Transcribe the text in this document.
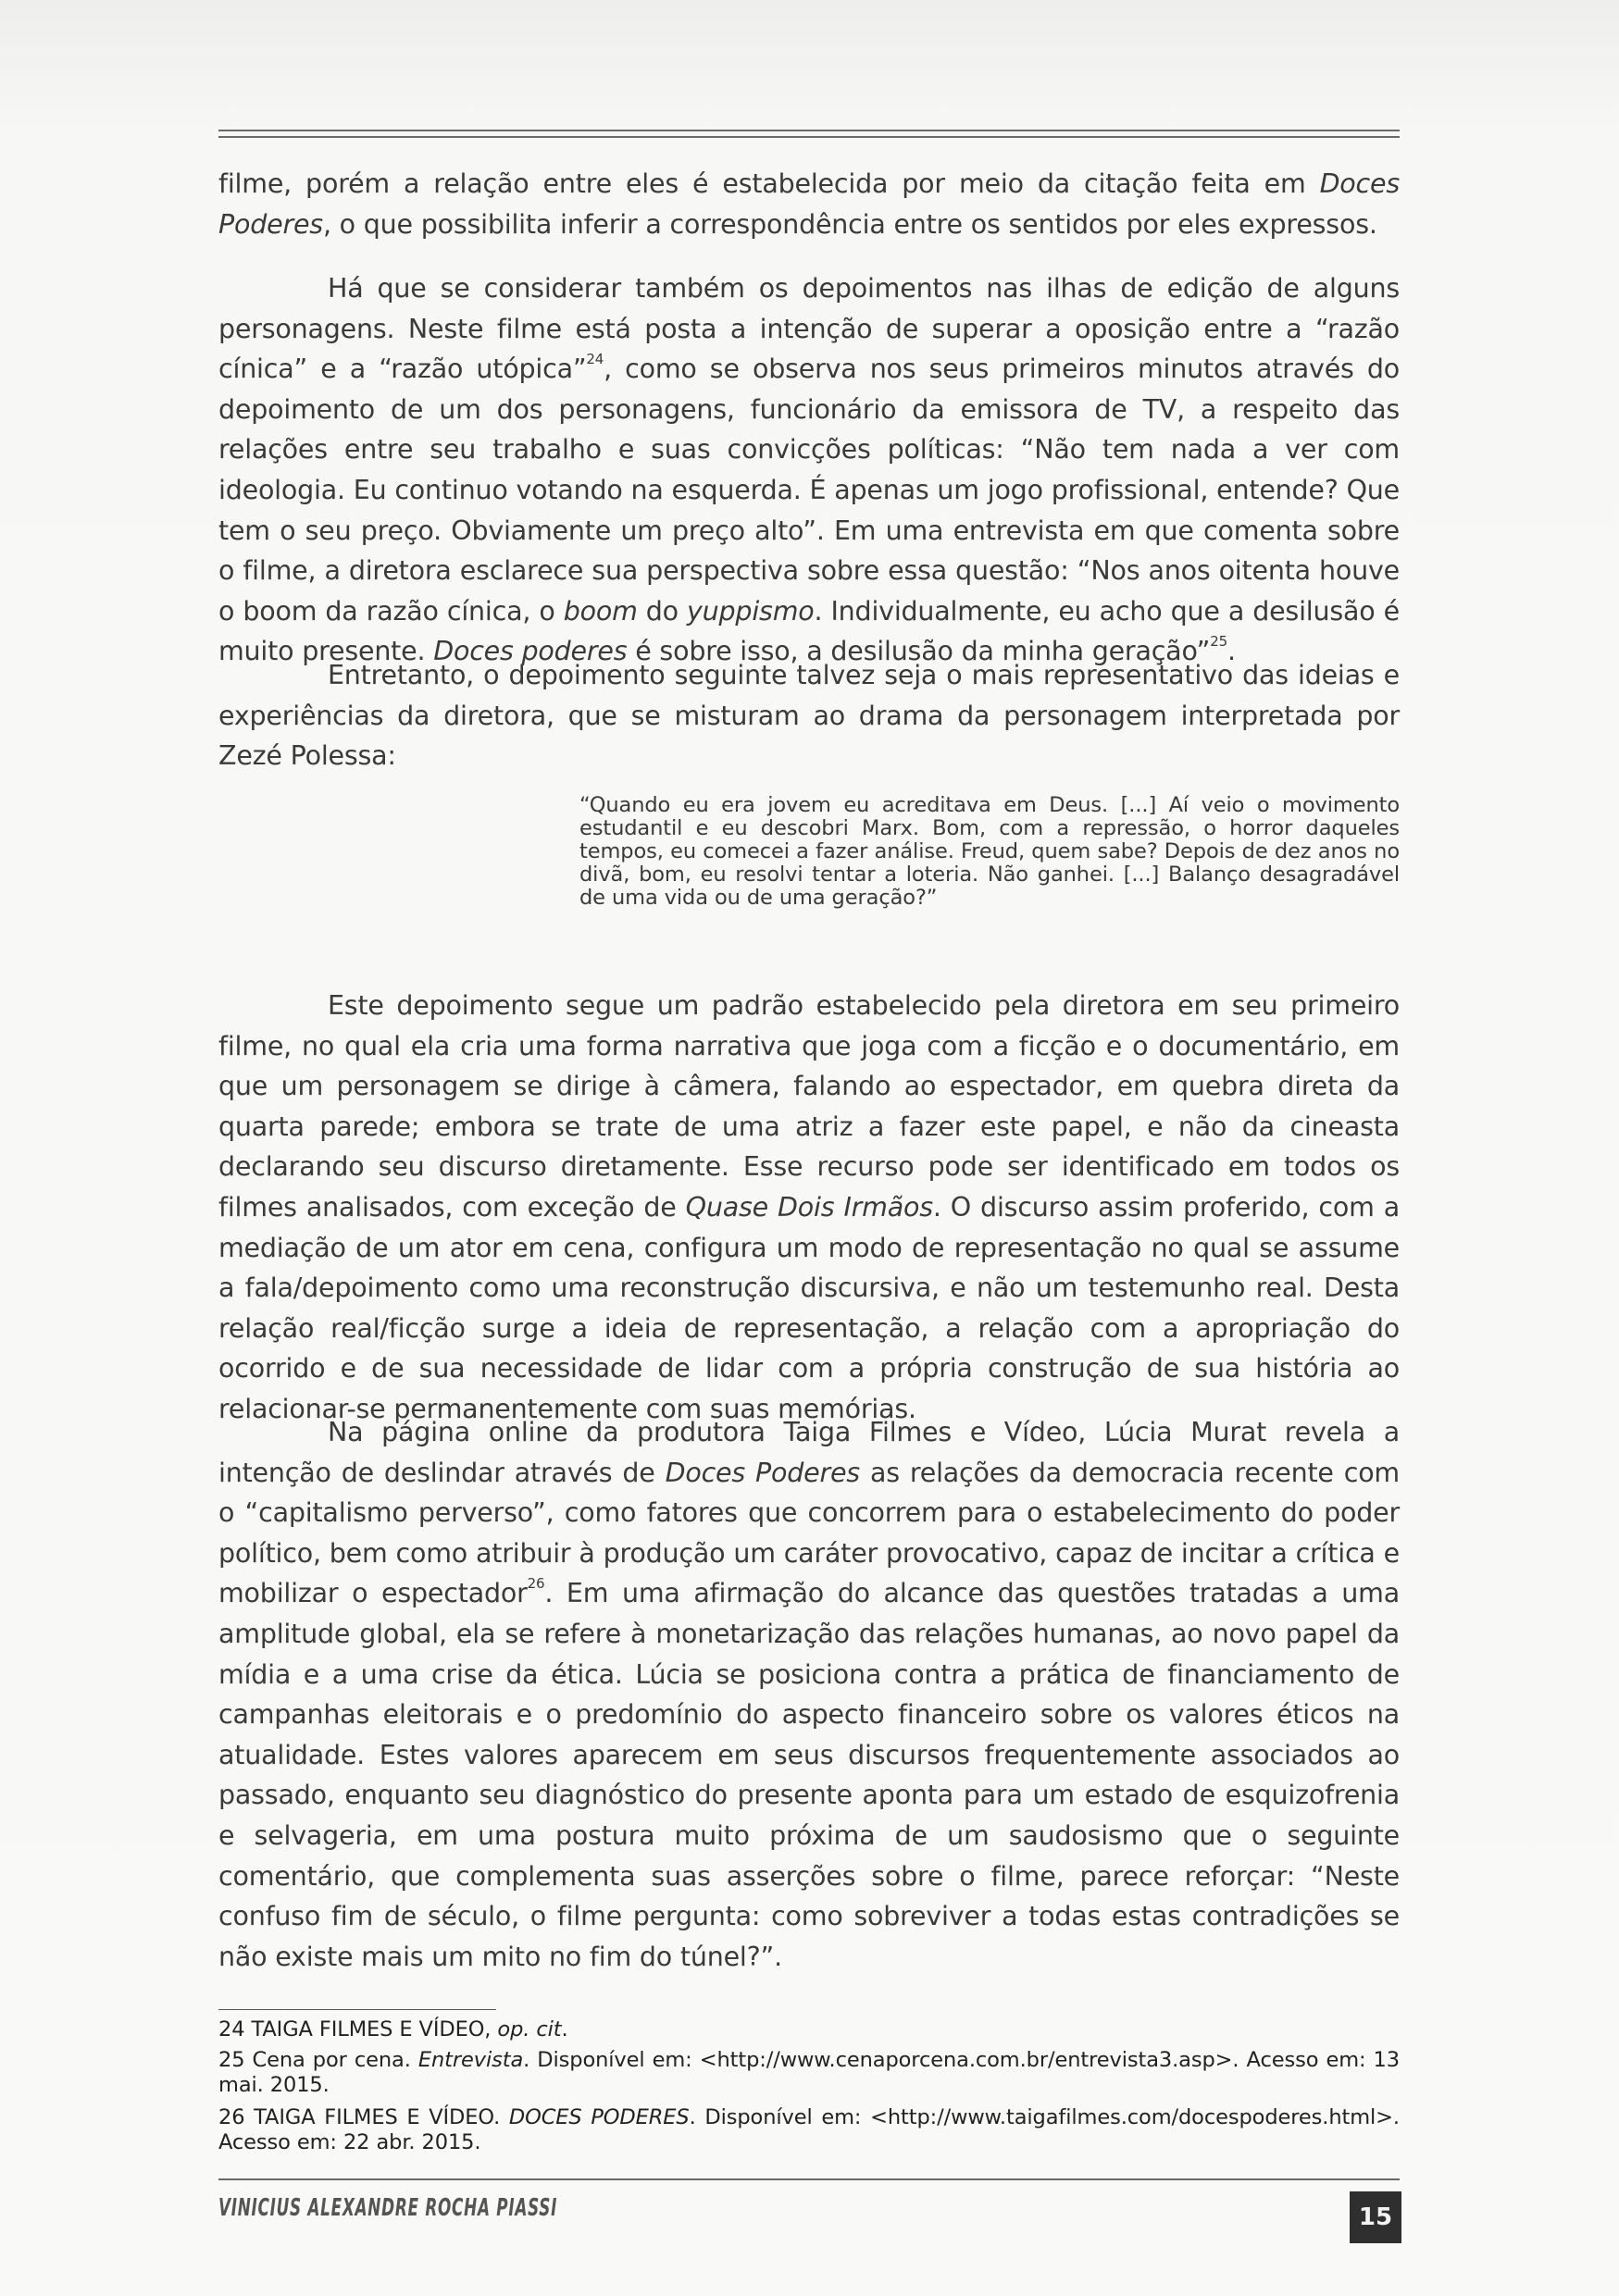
filme, porém a relação entre eles é estabelecida por meio da citação feita em Doces Poderes, o que possibilita inferir a correspondência entre os sentidos por eles expressos.

Há que se considerar também os depoimentos nas ilhas de edição de alguns personagens. Neste filme está posta a intenção de superar a oposição entre a “razão cínica” e a “razão utópica”$^{24}$, como se observa nos seus primeiros minutos através do depoimento de um dos personagens, funcionário da emissora de TV, a respeito das relações entre seu trabalho e suas convicções políticas: “Não tem nada a ver com ideologia. Eu continuo votando na esquerda. É apenas um jogo profissional, entende? Que tem o seu preço. Obviamente um preço alto”. Em uma entrevista em que comenta sobre o filme, a diretora esclarece sua perspectiva sobre essa questão: “Nos anos oitenta houve o boom da razão cínica, o boom do yuppismo. Individualmente, eu acho que a desilusão é muito presente. Doces poderes é sobre isso, a desilusão da minha geração”$^{25}$.

Entretanto, o depoimento seguinte talvez seja o mais representativo das ideias e experiências da diretora, que se misturam ao drama da personagem interpretada por Zezé Polessa:

“Quando eu era jovem eu acreditava em Deus. [...] Aí veio o movimento estudantil e eu descobri Marx. Bom, com a repressão, o horror daqueles tempos, eu comecei a fazer análise. Freud, quem sabe? Depois de dez anos no divã, bom, eu resolvi tentar a loteria. Não ganhei. [...] Balanço desagradável de uma vida ou de uma geração?”

Este depoimento segue um padrão estabelecido pela diretora em seu primeiro filme, no qual ela cria uma forma narrativa que joga com a ficção e o documentário, em que um personagem se dirige à câmera, falando ao espectador, em quebra direta da quarta parede; embora se trate de uma atriz a fazer este papel, e não da cineasta declarando seu discurso diretamente. Esse recurso pode ser identificado em todos os filmes analisados, com exceção de Quase Dois Irmãos. O discurso assim proferido, com a mediação de um ator em cena, configura um modo de representação no qual se assume a fala/depoimento como uma reconstrução discursiva, e não um testemunho real. Desta relação real/ficção surge a ideia de representação, a relação com a apropriação do ocorrido e de sua necessidade de lidar com a própria construção de sua história ao relacionar-se permanentemente com suas memórias.

Na página online da produtora Taiga Filmes e Vídeo, Lúcia Murat revela a intenção de deslindar através de Doces Poderes as relações da democracia recente com o “capitalismo perverso”, como fatores que concorrem para o estabelecimento do poder político, bem como atribuir à produção um caráter provocativo, capaz de incitar a crítica e mobilizar o espectador$^{26}$. Em uma afirmação do alcance das questões tratadas a uma amplitude global, ela se refere à monetarização das relações humanas, ao novo papel da mídia e a uma crise da ética. Lúcia se posiciona contra a prática de financiamento de campanhas eleitorais e o predomínio do aspecto financeiro sobre os valores éticos na atualidade. Estes valores aparecem em seus discursos frequentemente associados ao passado, enquanto seu diagnóstico do presente aponta para um estado de esquizofrenia e selvageria, em uma postura muito próxima de um saudosismo que o seguinte comentário, que complementa suas asserções sobre o filme, parece reforçar: “Neste confuso fim de século, o filme pergunta: como sobreviver a todas estas contradições se não existe mais um mito no fim do túnel?”.

24 TAIGA FILMES E VÍDEO, op. cit.

25 Cena por cena. Entrevista. Disponível em: <http://www.cenaporcena.com.br/entrevista3.asp>. Acesso em: 13 mai. 2015.

26 TAIGA FILMES E VÍDEO. DOCES PODERES. Disponível em: <http://www.taigafilmes.com/docespoderes.html>. Acesso em: 22 abr. 2015.

VINICIUS ALEXANDRE ROCHA PIASSI	15
